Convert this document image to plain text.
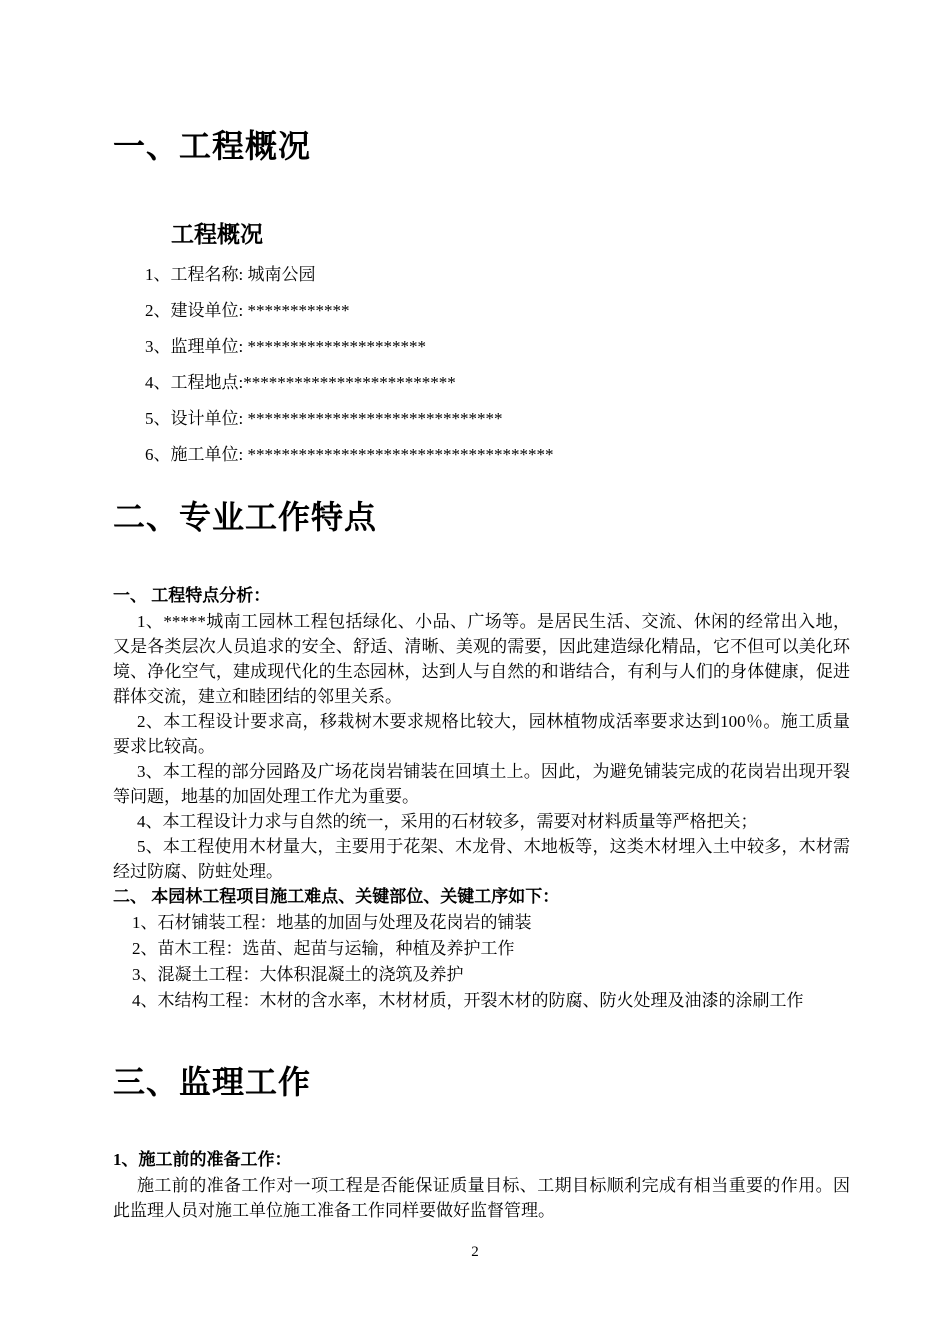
一、工程概况
工程概况

1、工程名称: 城南公园

2、建设单位: ************

3、监理单位: *********************

4、工程地点:*************************

5、设计单位: ******************************

6、施工单位: ************************************

二、专业工作特点

一、 工程特点分析：

1、*****城南工园林工程包括绿化、小品、广场等。是居民生活、交流、休闲的经常出入地，又是各类层次人员追求的安全、舒适、清晰、美观的需要，因此建造绿化精品，它不但可以美化环境、净化空气，建成现代化的生态园林，达到人与自然的和谐结合，有利与人们的身体健康，促进群体交流，建立和睦团结的邻里关系。

2、本工程设计要求高，移栽树木要求规格比较大，园林植物成活率要求达到100％。施工质量要求比较高。

3、本工程的部分园路及广场花岗岩铺装在回填土上。因此，为避免铺装完成的花岗岩出现开裂等问题，地基的加固处理工作尤为重要。

4、本工程设计力求与自然的统一，采用的石材较多，需要对材料质量等严格把关；

5、本工程使用木材量大，主要用于花架、木龙骨、木地板等，这类木材埋入土中较多，木材需经过防腐、防蛀处理。

二、 本园林工程项目施工难点、关键部位、关键工序如下：

1、石材铺装工程：地基的加固与处理及花岗岩的铺装

2、苗木工程：选苗、起苗与运输，种植及养护工作

3、混凝土工程：大体积混凝土的浇筑及养护

4、木结构工程：木材的含水率，木材材质，开裂木材的防腐、防火处理及油漆的涂刷工作

三、监理工作

1、施工前的准备工作：

施工前的准备工作对一项工程是否能保证质量目标、工期目标顺利完成有相当重要的作用。因此监理人员对施工单位施工准备工作同样要做好监督管理。

2
